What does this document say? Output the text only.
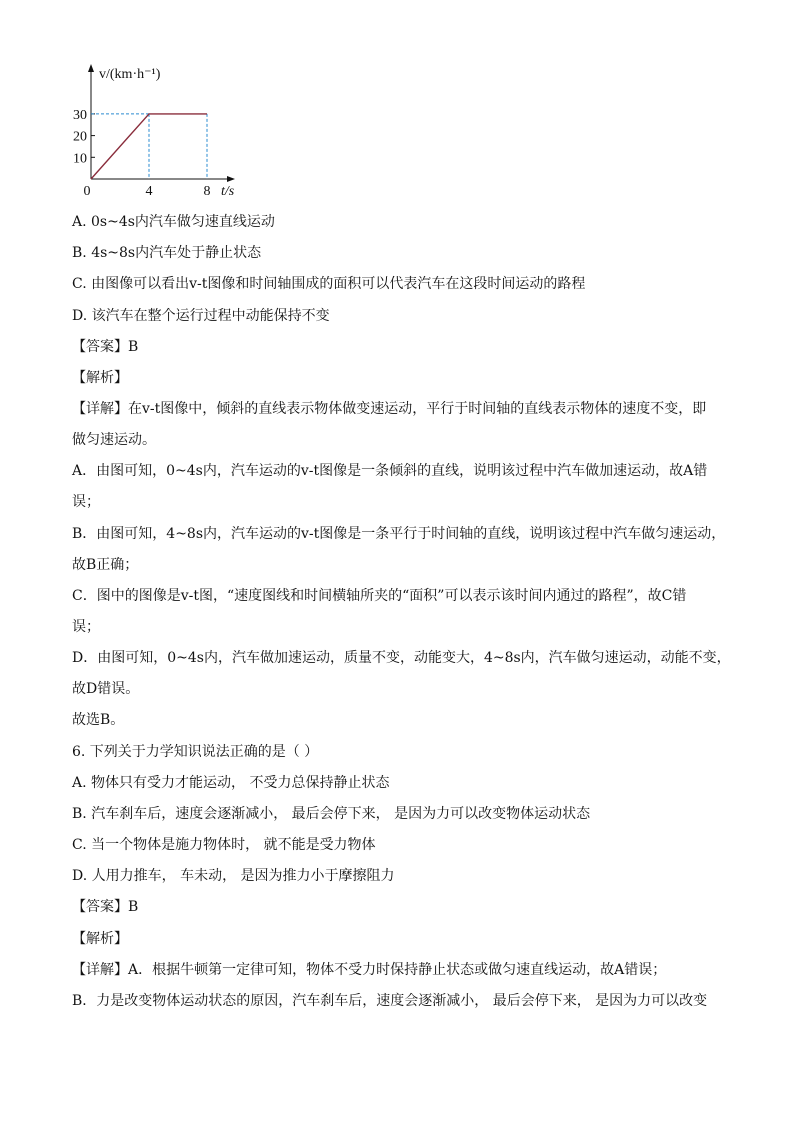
10
20
30
4	8
0
v/(km·h⁻¹)
t/s
A. 0s~4s内汽车做匀速直线运动
B. 4s~8s内汽车处于静止状态
C. 由图像可以看出v-t图像和时间轴围成的面积可以代表汽车在这段时间运动的路程
D. 该汽车在整个运行过程中动能保持不变
【答案】B
【解析】
【详解】在v-t图像中，倾斜的直线表示物体做变速运动，平行于时间轴的直线表示物体的速度不变，即
做匀速运动。
A．由图可知，0~4s内，汽车运动的v-t图像是一条倾斜的直线，说明该过程中汽车做加速运动，故A错
误；
B．由图可知，4~8s内，汽车运动的v-t图像是一条平行于时间轴的直线，说明该过程中汽车做匀速运动，
故B正确；
C．图中的图像是v-t图，“速度图线和时间横轴所夹的“面积”可以表示该时间内通过的路程”，故C错
误；
D．由图可知，0~4s内，汽车做加速运动，质量不变，动能变大，4~8s内，汽车做匀速运动，动能不变，
故D错误。
故选B。
6. 下列关于力学知识说法正确的是（ ）
A. 物体只有受力才能运动， 不受力总保持静止状态
B. 汽车刹车后，速度会逐渐减小， 最后会停下来， 是因为力可以改变物体运动状态
C. 当一个物体是施力物体时， 就不能是受力物体
D. 人用力推车， 车未动， 是因为推力小于摩擦阻力
【答案】B
【解析】
【详解】A．根据牛顿第一定律可知，物体不受力时保持静止状态或做匀速直线运动，故A错误；
B．力是改变物体运动状态的原因，汽车刹车后，速度会逐渐减小， 最后会停下来， 是因为力可以改变
